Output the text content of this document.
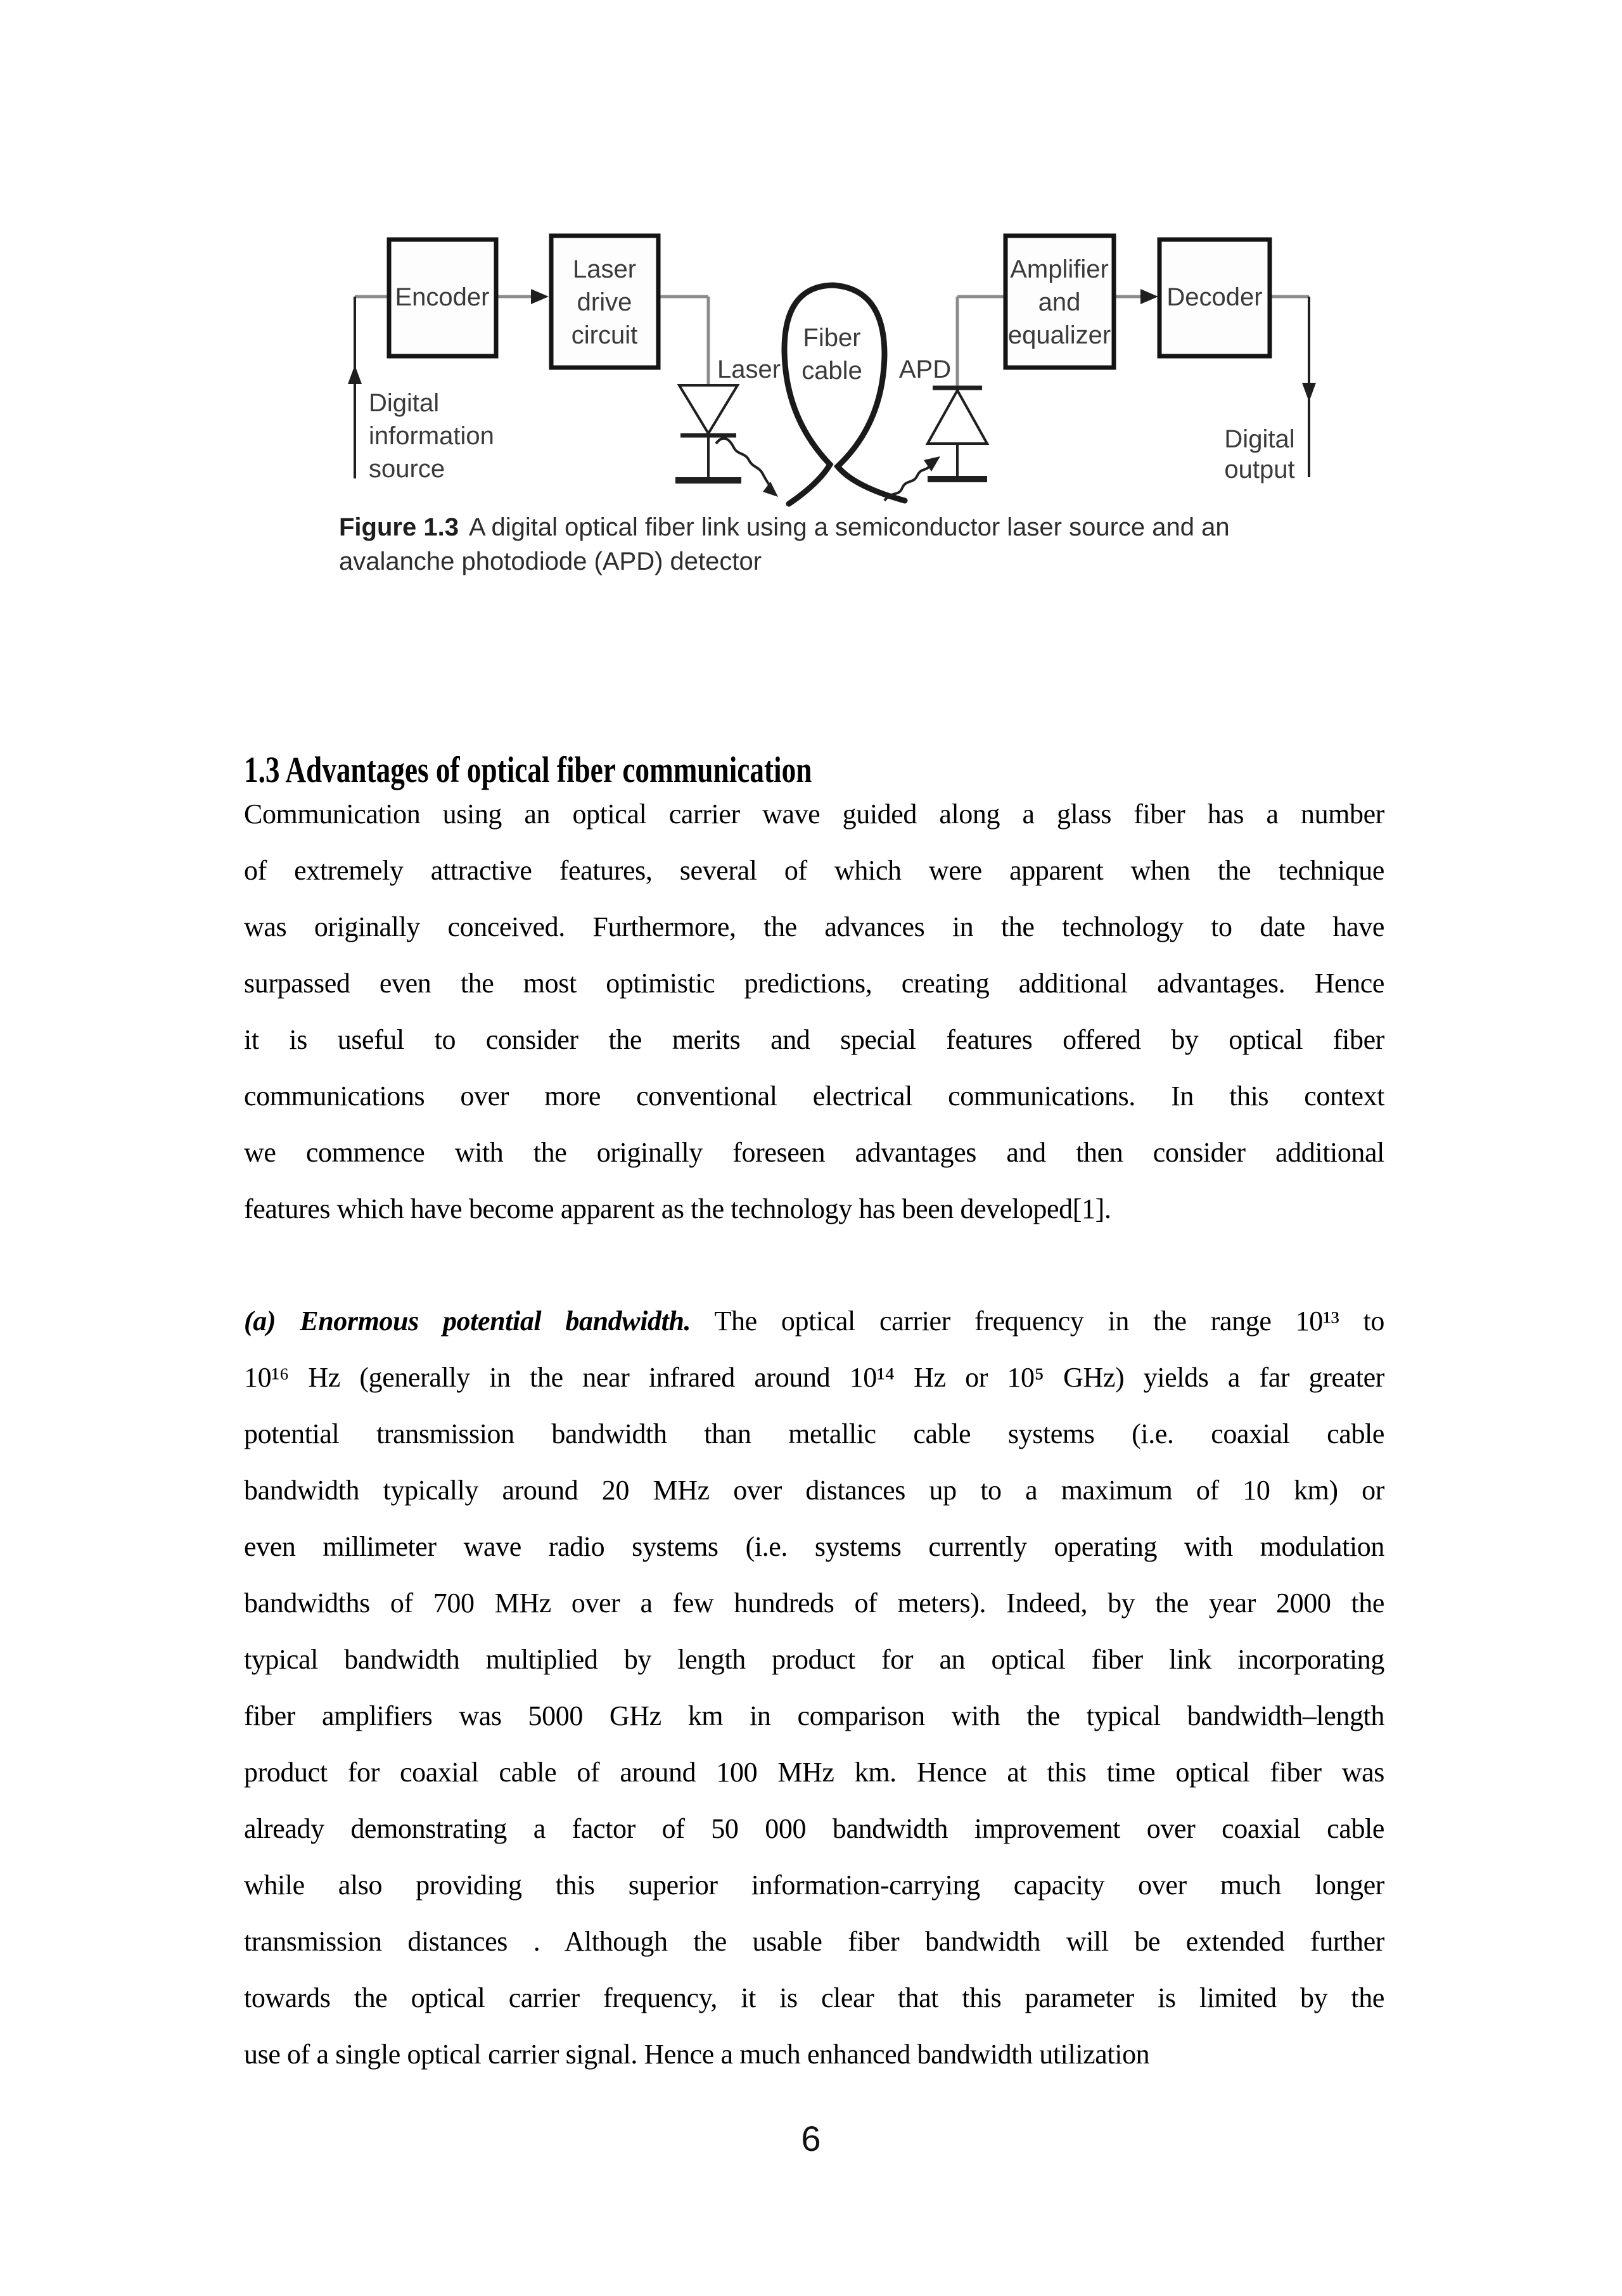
Encoder
Laser
drive
circuit
Amplifier
and
equalizer
Decoder
Laser
Fiber
cable APD
Digital
information
source
Digital
output
Figure 1.3 A digital optical fiber link using a semiconductor laser source and an
avalanche photodiode (APD) detector
1.3 Advantages of optical fiber communication
Communication using an optical carrier wave guided along a glass fiber has a number
of extremely attractive features, several of which were apparent when the technique
was originally conceived. Furthermore, the advances in the technology to date have
surpassed even the most optimistic predictions, creating additional advantages. Hence
it is useful to consider the merits and special features offered by optical fiber
communications over more conventional electrical communications. In this context
we commence with the originally foreseen advantages and then consider additional
features which have become apparent as the technology has been developed[1].
(a) Enormous potential bandwidth. The optical carrier frequency in the range 10¹³ to
10¹⁶ Hz (generally in the near infrared around 10¹⁴ Hz or 10⁵ GHz) yields a far greater
potential transmission bandwidth than metallic cable systems (i.e. coaxial cable
bandwidth typically around 20 MHz over distances up to a maximum of 10 km) or
even millimeter wave radio systems (i.e. systems currently operating with modulation
bandwidths of 700 MHz over a few hundreds of meters). Indeed, by the year 2000 the
typical bandwidth multiplied by length product for an optical fiber link incorporating
fiber amplifiers was 5000 GHz km in comparison with the typical bandwidth–length
product for coaxial cable of around 100 MHz km. Hence at this time optical fiber was
already demonstrating a factor of 50 000 bandwidth improvement over coaxial cable
while also providing this superior information-carrying capacity over much longer
transmission distances . Although the usable fiber bandwidth will be extended further
towards the optical carrier frequency, it is clear that this parameter is limited by the
use of a single optical carrier signal. Hence a much enhanced bandwidth utilization
6
